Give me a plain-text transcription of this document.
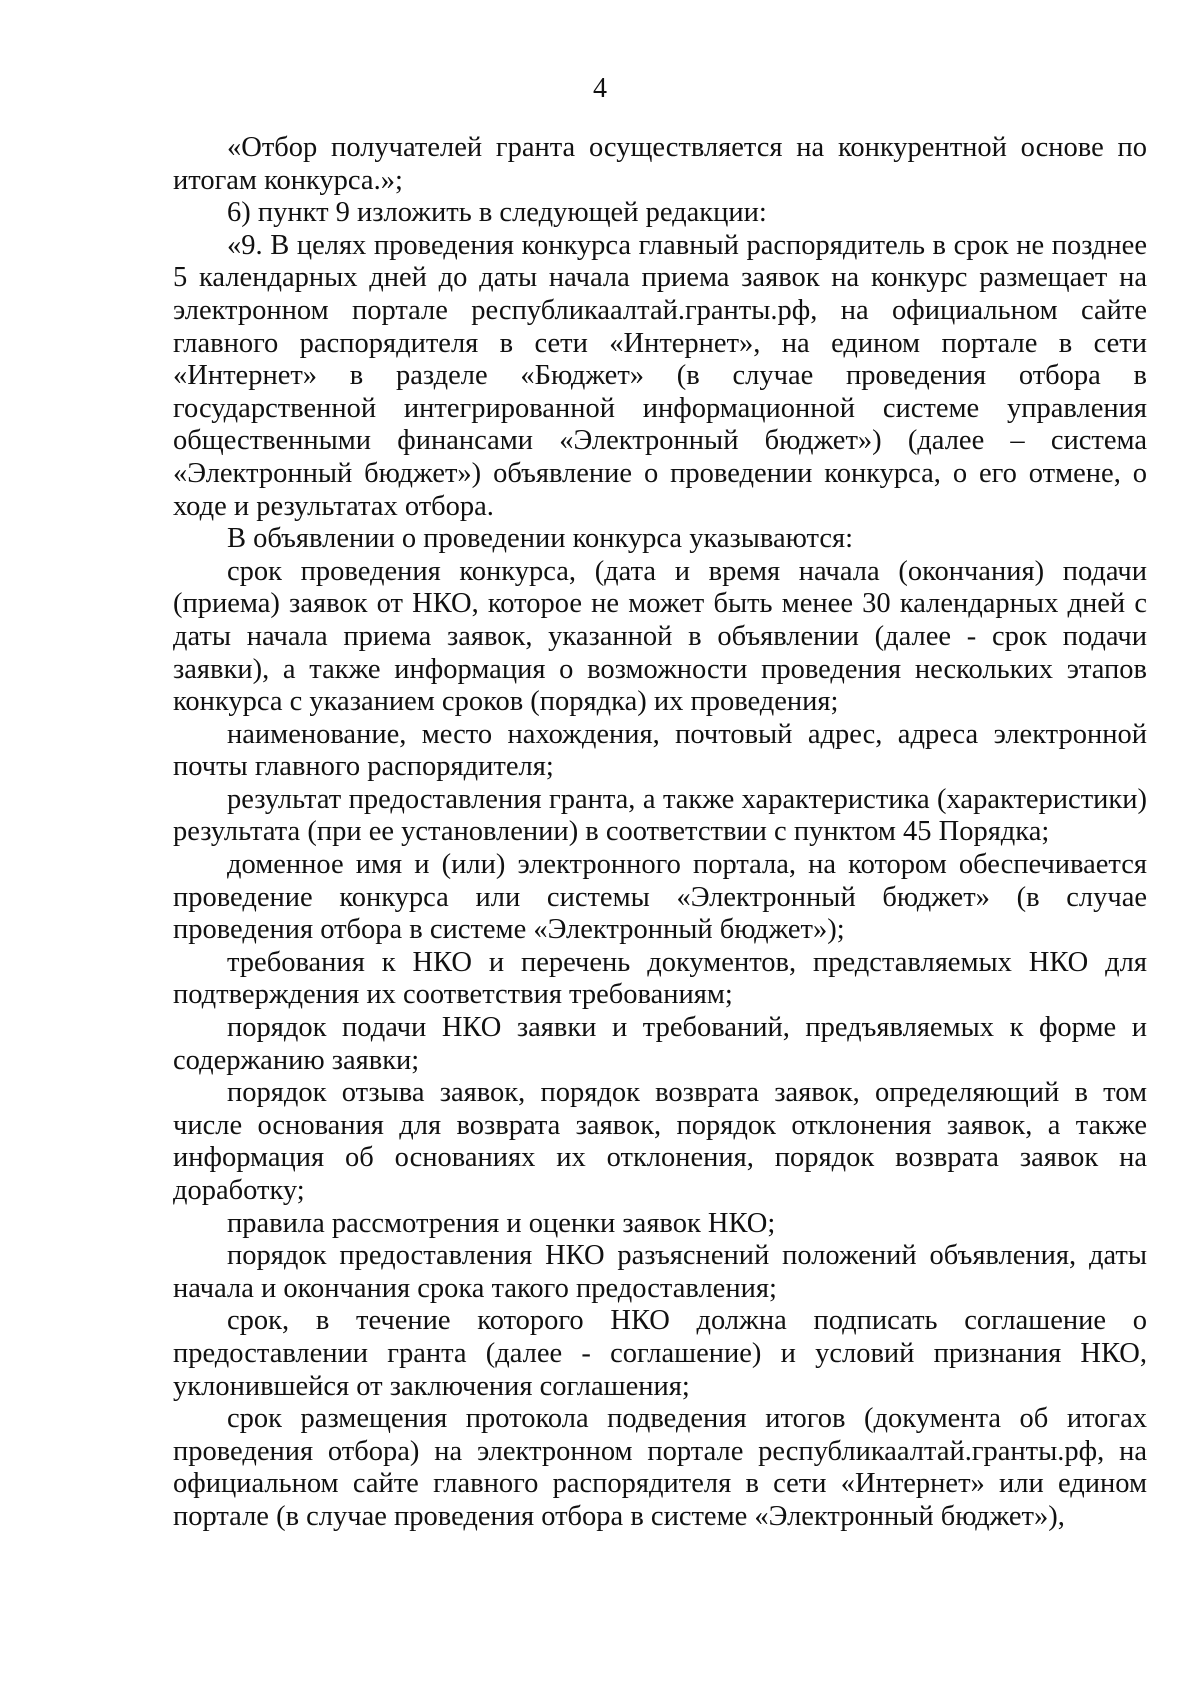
4

«Отбор получателей гранта осуществляется на конкурентной основе по итогам конкурса.»;

6) пункт 9 изложить в следующей редакции:

«9. В целях проведения конкурса главный распорядитель в срок не позднее 5 календарных дней до даты начала приема заявок на конкурс размещает на электронном портале республикаалтай.гранты.рф, на официальном сайте главного распорядителя в сети «Интернет», на едином портале в сети «Интернет» в разделе «Бюджет» (в случае проведения отбора в государственной интегрированной информационной системе управления общественными финансами «Электронный бюджет») (далее – система «Электронный бюджет») объявление о проведении конкурса, о его отмене, о ходе и результатах отбора.

В объявлении о проведении конкурса указываются:

срок проведения конкурса, (дата и время начала (окончания) подачи (приема) заявок от НКО, которое не может быть менее 30 календарных дней с даты начала приема заявок, указанной в объявлении (далее - срок подачи заявки), а также информация о возможности проведения нескольких этапов конкурса с указанием сроков (порядка) их проведения;

наименование, место нахождения, почтовый адрес, адреса электронной почты главного распорядителя;

результат предоставления гранта, а также характеристика (характеристики) результата (при ее установлении) в соответствии с пунктом 45 Порядка;

доменное имя и (или) электронного портала, на котором обеспечивается проведение конкурса или системы «Электронный бюджет» (в случае проведения отбора в системе «Электронный бюджет»);

требования к НКО и перечень документов, представляемых НКО для подтверждения их соответствия требованиям;

порядок подачи НКО заявки и требований, предъявляемых к форме и содержанию заявки;

порядок отзыва заявок, порядок возврата заявок, определяющий в том числе основания для возврата заявок, порядок отклонения заявок, а также информация об основаниях их отклонения, порядок возврата заявок на доработку;

правила рассмотрения и оценки заявок НКО;

порядок предоставления НКО разъяснений положений объявления, даты начала и окончания срока такого предоставления;

срок, в течение которого НКО должна подписать соглашение о предоставлении гранта (далее - соглашение) и условий признания НКО, уклонившейся от заключения соглашения;

срок размещения протокола подведения итогов (документа об итогах проведения отбора) на электронном портале республикаалтай.гранты.рф, на официальном сайте главного распорядителя в сети «Интернет» или едином портале (в случае проведения отбора в системе «Электронный бюджет»),
